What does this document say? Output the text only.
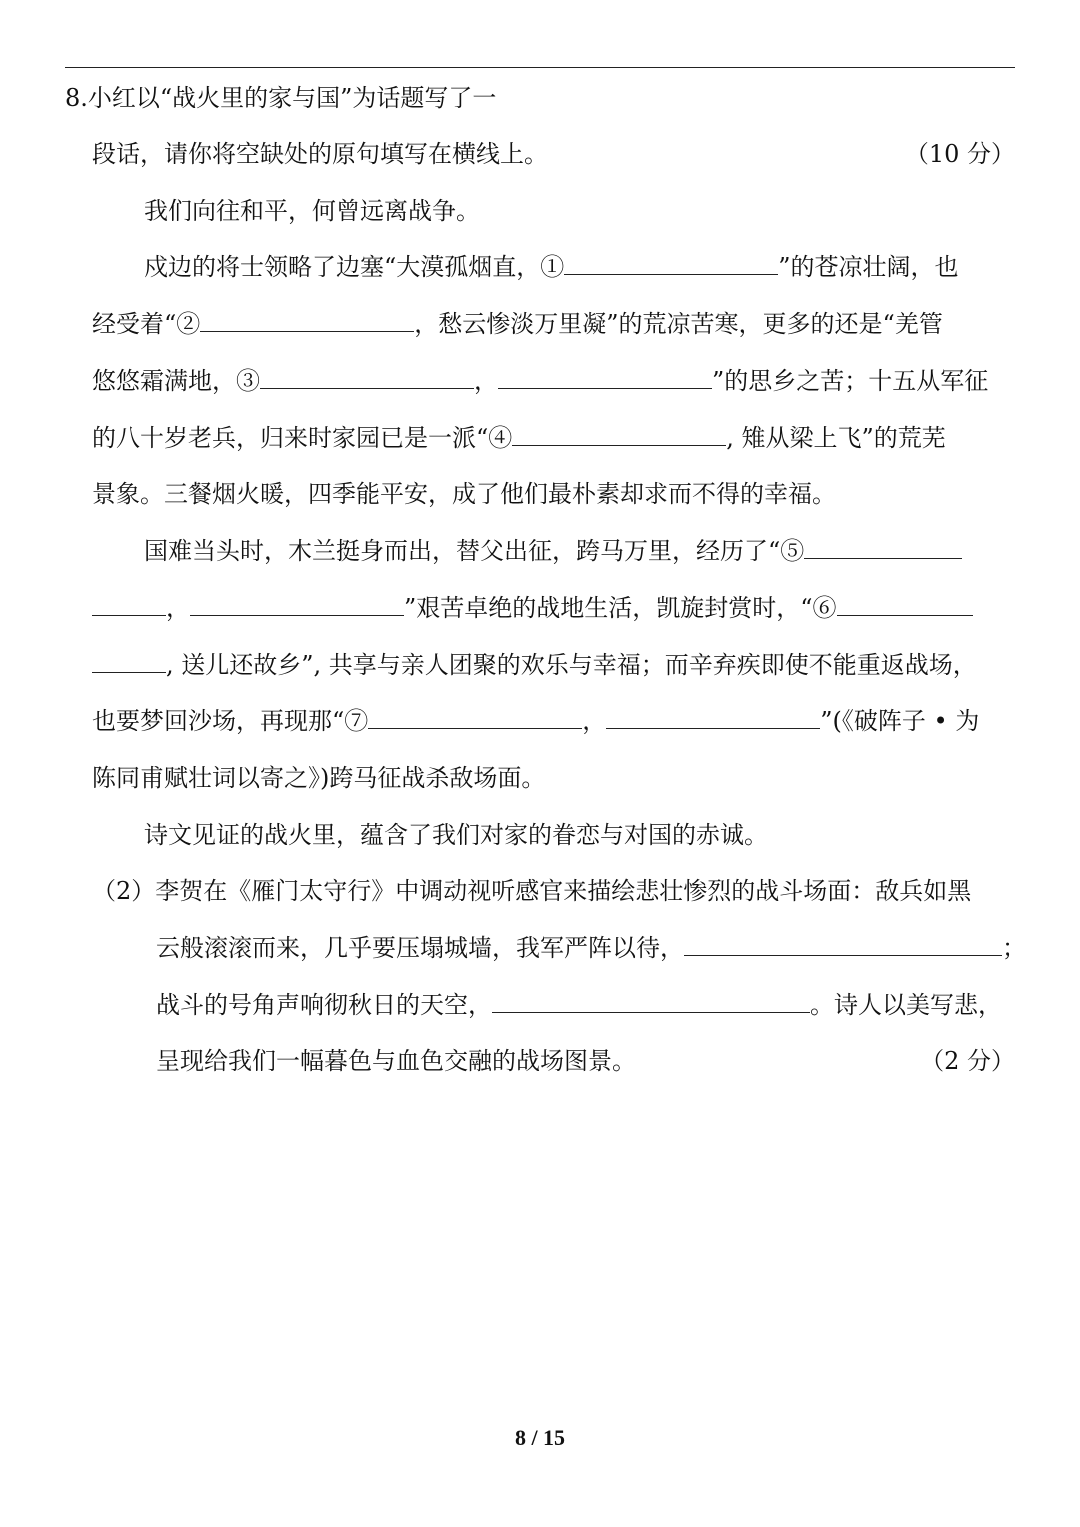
8.小红以“战火里的家与国”为话题写了一
段话，请你将空缺处的原句填写在横线上。	（10 分）
我们向往和平，何曾远离战争。
戍边的将士领略了边塞“大漠孤烟直，①	”的苍凉壮阔，也
经受着“②	，愁云惨淡万里凝”的荒凉苦寒，更多的还是“羌管
悠悠霜满地，③	，	”的思乡之苦；十五从军征
的八十岁老兵，归来时家园已是一派“④	, 雉从梁上飞”的荒芜
景象。三餐烟火暖，四季能平安，成了他们最朴素却求而不得的幸福。
国难当头时，木兰挺身而出，替父出征，跨马万里，经历了“⑤
，	”艰苦卓绝的战地生活，凯旋封赏时，“⑥
, 送儿还故乡”, 共享与亲人团聚的欢乐与幸福；而辛弃疾即使不能重返战场，
也要梦回沙场，再现那“⑦	，	”(《破阵子 • 为
陈同甫赋壮词以寄之》)跨马征战杀敌场面。
诗文见证的战火里，蕴含了我们对家的眷恋与对国的赤诚。
（2）李贺在《雁门太守行》中调动视听感官来描绘悲壮惨烈的战斗场面：敌兵如黑
云般滚滚而来，几乎要压塌城墙，我军严阵以待，	；
战斗的号角声响彻秋日的天空，	。诗人以美写悲，
呈现给我们一幅暮色与血色交融的战场图景。	（2 分）
8 / 15
